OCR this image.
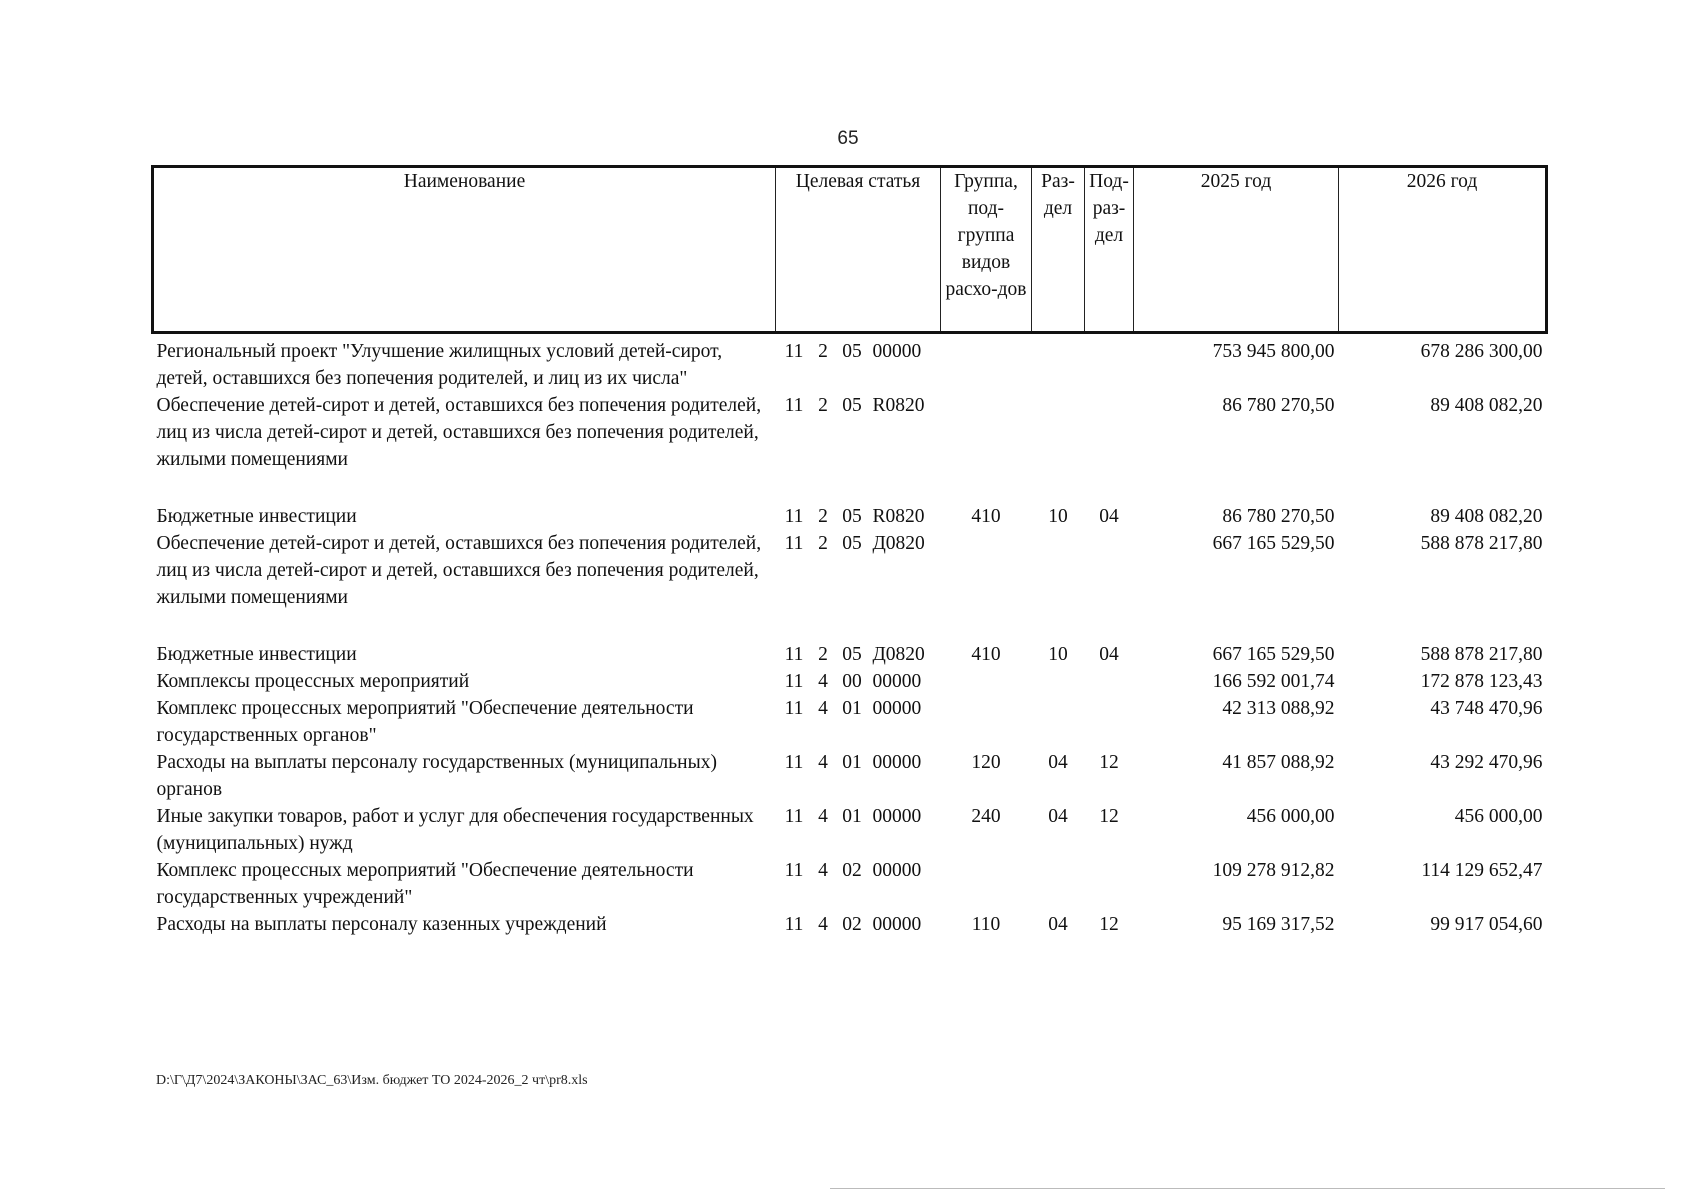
65
Наименование	Целевая статья				Группа, под-группа видов расхо-дов	Раз-дел	Под-раз-дел	2025 год	2026 год
Региональный проект "Улучшение жилищных условий детей-сирот, детей, оставшихся без попечения родителей, и лиц из их числа"	11	2	05	00000				753 945 800,00	678 286 300,00
Обеспечение детей-сирот и детей, оставшихся без попечения родителей, лиц из числа детей-сирот и детей, оставшихся без попечения родителей, жилыми помещениями	11	2	05	R0820				86 780 270,50	89 408 082,20
Бюджетные инвестиции	11	2	05	R0820	410	10	04	86 780 270,50	89 408 082,20
Обеспечение детей-сирот и детей, оставшихся без попечения родителей, лиц из числа детей-сирот и детей, оставшихся без попечения родителей, жилыми помещениями	11	2	05	Д0820				667 165 529,50	588 878 217,80
Бюджетные инвестиции	11	2	05	Д0820	410	10	04	667 165 529,50	588 878 217,80
Комплексы процессных мероприятий	11	4	00	00000				166 592 001,74	172 878 123,43
Комплекс процессных мероприятий "Обеспечение деятельности государственных органов"	11	4	01	00000				42 313 088,92	43 748 470,96
Расходы на выплаты персоналу государственных (муниципальных) органов	11	4	01	00000	120	04	12	41 857 088,92	43 292 470,96
Иные закупки товаров, работ и услуг для обеспечения государственных (муниципальных) нужд	11	4	01	00000	240	04	12	456 000,00	456 000,00
Комплекс процессных мероприятий "Обеспечение деятельности государственных учреждений"	11	4	02	00000				109 278 912,82	114 129 652,47
Расходы на выплаты персоналу казенных учреждений	11	4	02	00000	110	04	12	95 169 317,52	99 917 054,60
D:\Г\Д7\2024\ЗАКОНЫ\ЗАС_63\Изм. бюджет ТО 2024-2026_2 чт\pr8.xls
